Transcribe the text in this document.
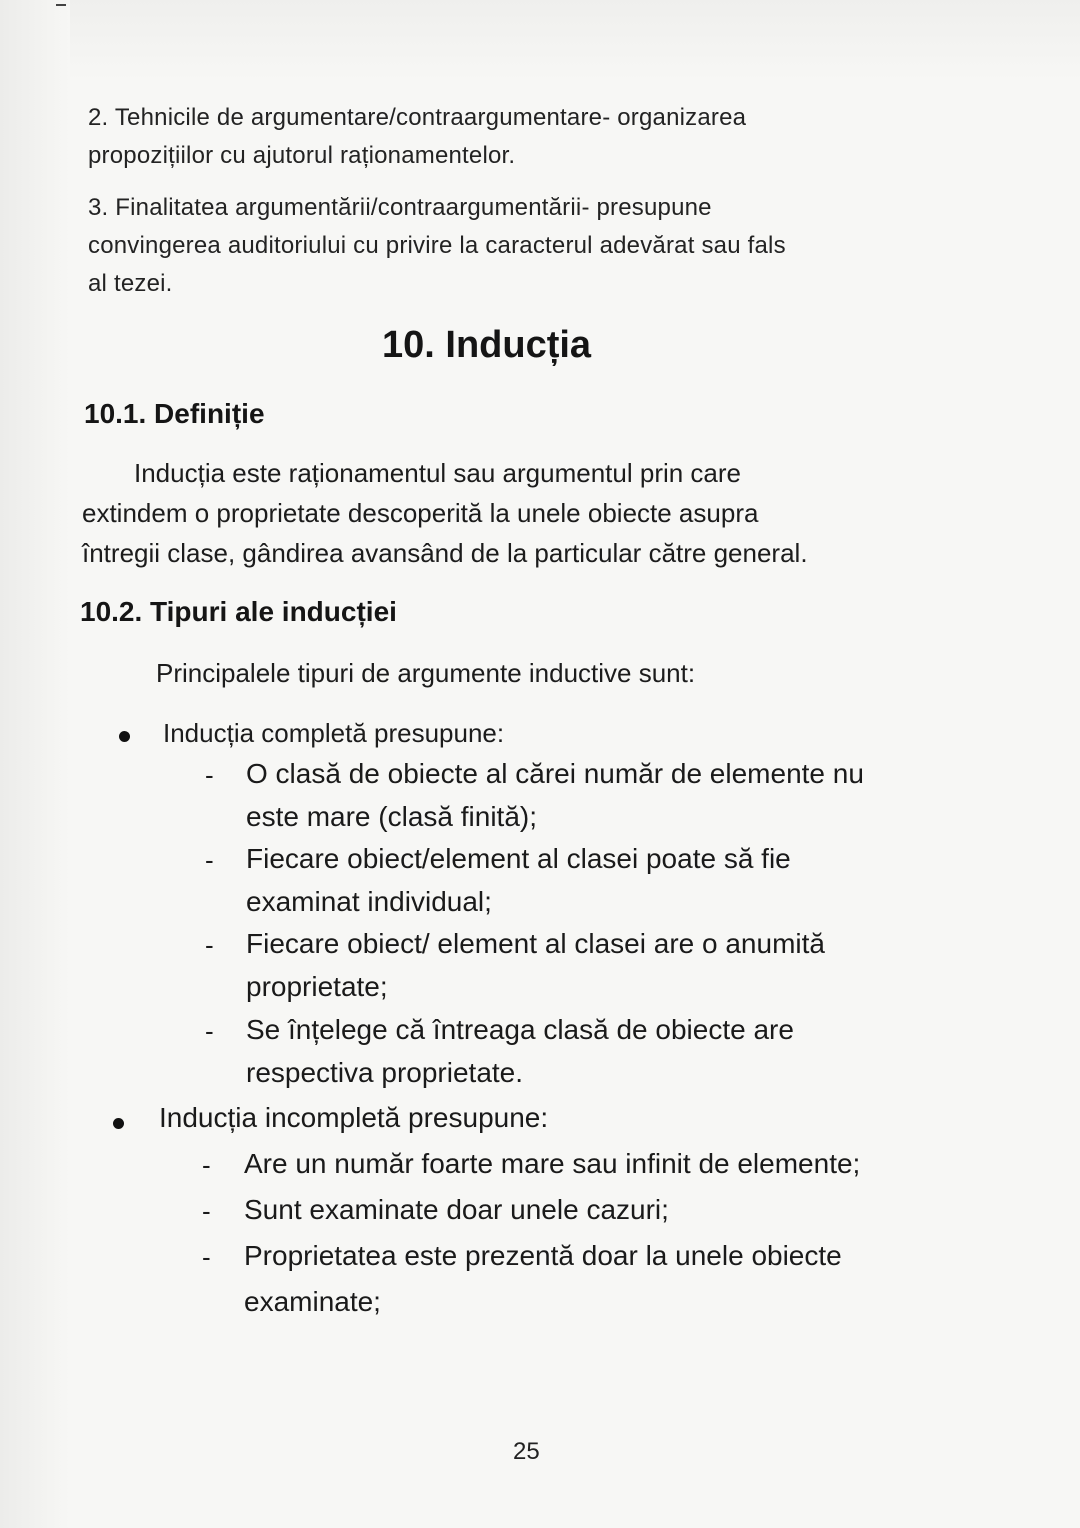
2. Tehnicile de argumentare/contraargumentare- organizarea
propozițiilor cu ajutorul raționamentelor.
3. Finalitatea argumentării/contraargumentării- presupune
convingerea auditoriului cu privire la caracterul adevărat sau fals
al tezei.
10. Inducția
10.1. Definiție
Inducția este raționamentul sau argumentul prin care
extindem o proprietate descoperită la unele obiecte asupra
întregii clase, gândirea avansând de la particular către general.
10.2. Tipuri ale inducției
Principalele tipuri de argumente inductive sunt:
Inducția completă presupune:
- O clasă de obiecte al cărei număr de elemente nu
este mare (clasă finită);
- Fiecare obiect/element al clasei poate să fie
examinat individual;
- Fiecare obiect/ element al clasei are o anumită
proprietate;
- Se înțelege că întreaga clasă de obiecte are
respectiva proprietate.
Inducția incompletă presupune:
- Are un număr foarte mare sau infinit de elemente;
- Sunt examinate doar unele cazuri;
- Proprietatea este prezentă doar la unele obiecte
examinate;
25
